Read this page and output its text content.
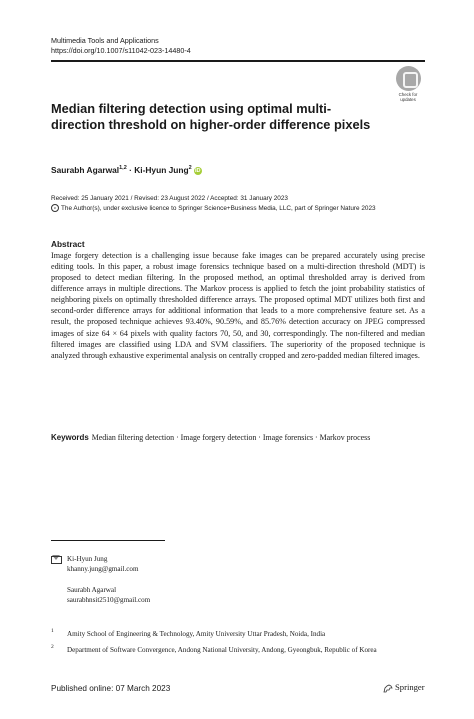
Multimedia Tools and Applications
https://doi.org/10.1007/s11042-023-14480-4
Check for updates
Median filtering detection using optimal multi-direction threshold on higher-order difference pixels
Saurabh Agarwal$^{1,2}$ · Ki-Hyun Jung$^2$ iD
Received: 25 January 2021 / Revised: 23 August 2022 / Accepted: 31 January 2023
c The Author(s), under exclusive licence to Springer Science+Business Media, LLC, part of Springer Nature 2023
Abstract
Image forgery detection is a challenging issue because fake images can be prepared accurately using precise editing tools. In this paper, a robust image forensics technique based on a multi-direction threshold (MDT) is proposed to detect median filtering. In the proposed method, an optimal thresholded array is derived from difference arrays in multiple directions. The Markov process is applied to fetch the joint probability statistics of neighboring pixels on optimally thresholded difference arrays. The proposed optimal MDT utilizes both first and second-order difference arrays for additional information that leads to a more comprehensive feature set. As a result, the proposed technique achieves 93.40%, 90.59%, and 85.76% detection accuracy on JPEG compressed images of size 64 × 64 pixels with quality factors 70, 50, and 30, correspondingly. The non-filtered and median filtered images are classified using LDA and SVM classifiers. The superiority of the proposed technique is analyzed through exhaustive experimental analysis on centrally cropped and zero-padded median filtered images.
Keywords Median filtering detection · Image forgery detection · Image forensics · Markov process
Ki-Hyun Jung
khanny.jung@gmail.com
Saurabh Agarwal
saurabhnsit2510@gmail.com
1 Amity School of Engineering & Technology, Amity University Uttar Pradesh, Noida, India
2 Department of Software Convergence, Andong National University, Andong, Gyeongbuk, Republic of Korea
Published online: 07 March 2023	Springer
